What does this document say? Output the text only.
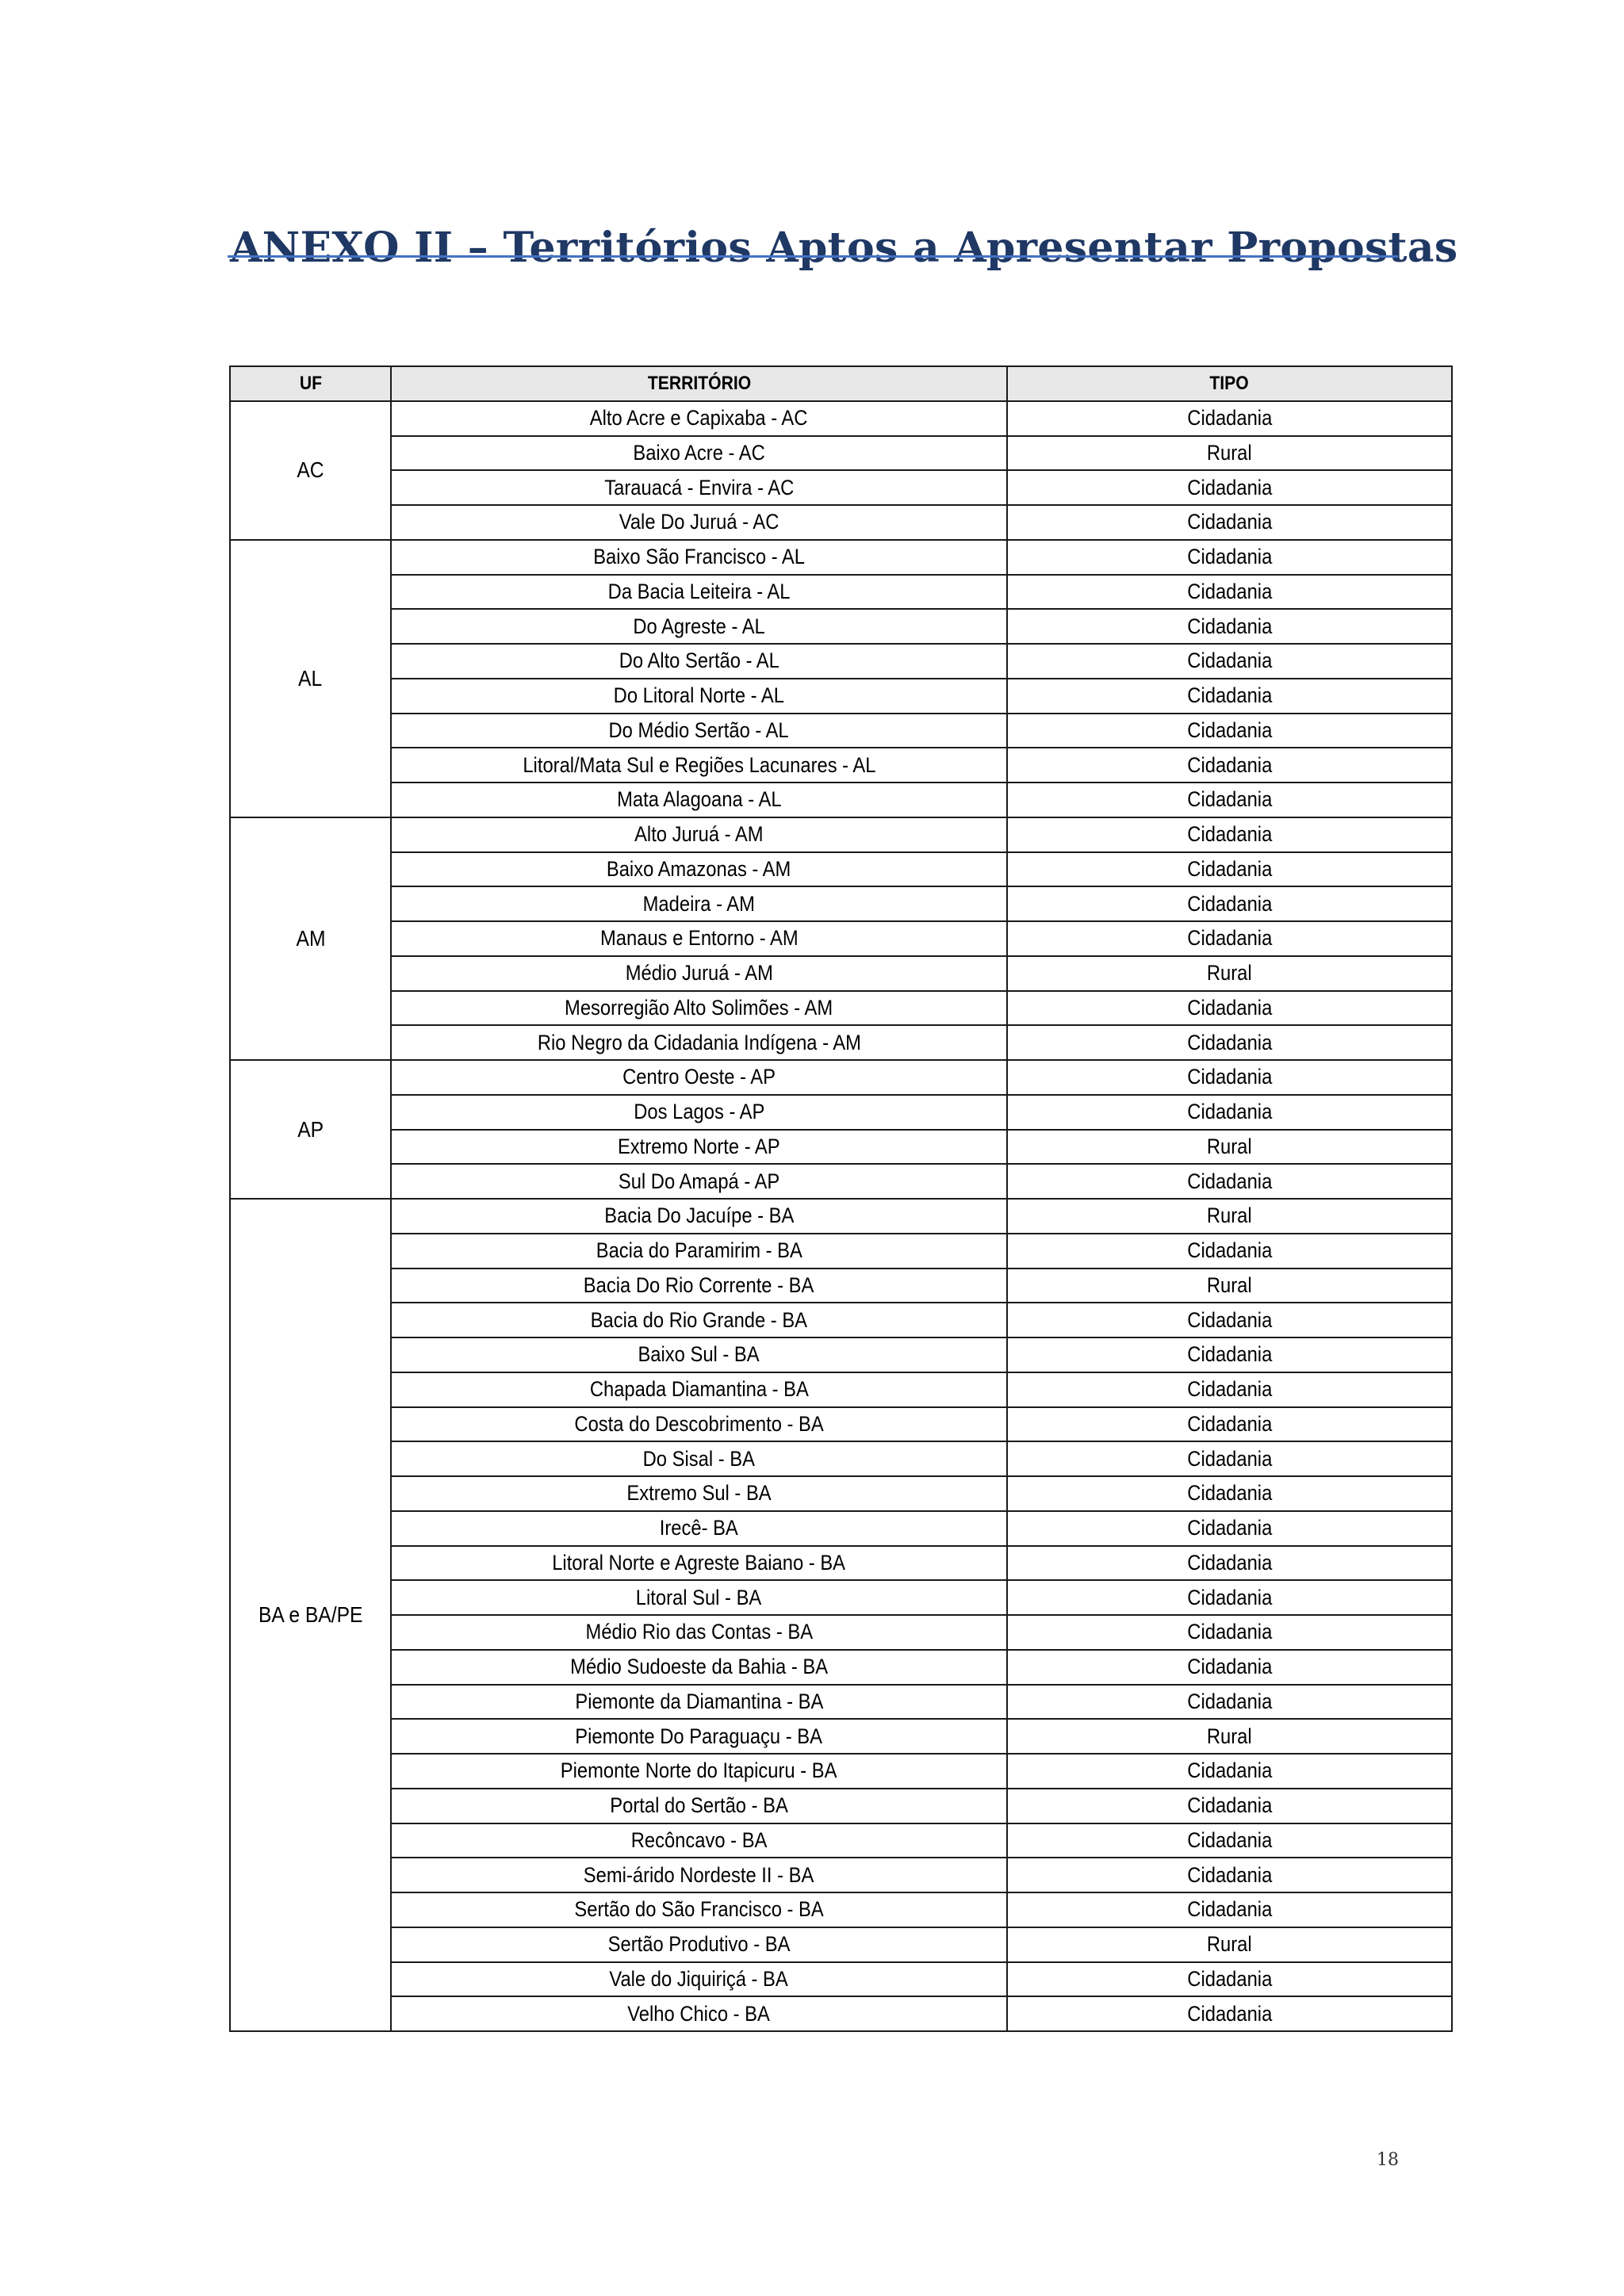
ANEXO II – Territórios Aptos a Apresentar Propostas
UF	TERRITÓRIO	TIPO
AC	Alto Acre e Capixaba - AC	Cidadania
	Baixo Acre - AC	Rural
	Tarauacá - Envira - AC	Cidadania
	Vale Do Juruá - AC	Cidadania
AL	Baixo São Francisco - AL	Cidadania
	Da Bacia Leiteira - AL	Cidadania
	Do Agreste - AL	Cidadania
	Do Alto Sertão - AL	Cidadania
	Do Litoral Norte - AL	Cidadania
	Do Médio Sertão - AL	Cidadania
	Litoral/Mata Sul e Regiões Lacunares - AL	Cidadania
	Mata Alagoana - AL	Cidadania
AM	Alto Juruá - AM	Cidadania
	Baixo Amazonas - AM	Cidadania
	Madeira - AM	Cidadania
	Manaus e Entorno - AM	Cidadania
	Médio Juruá - AM	Rural
	Mesorregião Alto Solimões - AM	Cidadania
	Rio Negro da Cidadania Indígena - AM	Cidadania
AP	Centro Oeste - AP	Cidadania
	Dos Lagos - AP	Cidadania
	Extremo Norte - AP	Rural
	Sul Do Amapá - AP	Cidadania
BA e BA/PE	Bacia Do Jacuípe - BA	Rural
	Bacia do Paramirim - BA	Cidadania
	Bacia Do Rio Corrente - BA	Rural
	Bacia do Rio Grande - BA	Cidadania
	Baixo Sul - BA	Cidadania
	Chapada Diamantina - BA	Cidadania
	Costa do Descobrimento - BA	Cidadania
	Do Sisal - BA	Cidadania
	Extremo Sul - BA	Cidadania
	Irecê- BA	Cidadania
	Litoral Norte e Agreste Baiano - BA	Cidadania
	Litoral Sul - BA	Cidadania
	Médio Rio das Contas - BA	Cidadania
	Médio Sudoeste da Bahia - BA	Cidadania
	Piemonte da Diamantina - BA	Cidadania
	Piemonte Do Paraguaçu - BA	Rural
	Piemonte Norte do Itapicuru - BA	Cidadania
	Portal do Sertão - BA	Cidadania
	Recôncavo - BA	Cidadania
	Semi-árido Nordeste II - BA	Cidadania
	Sertão do São Francisco - BA	Cidadania
	Sertão Produtivo - BA	Rural
	Vale do Jiquiriçá - BA	Cidadania
	Velho Chico - BA	Cidadania
18
